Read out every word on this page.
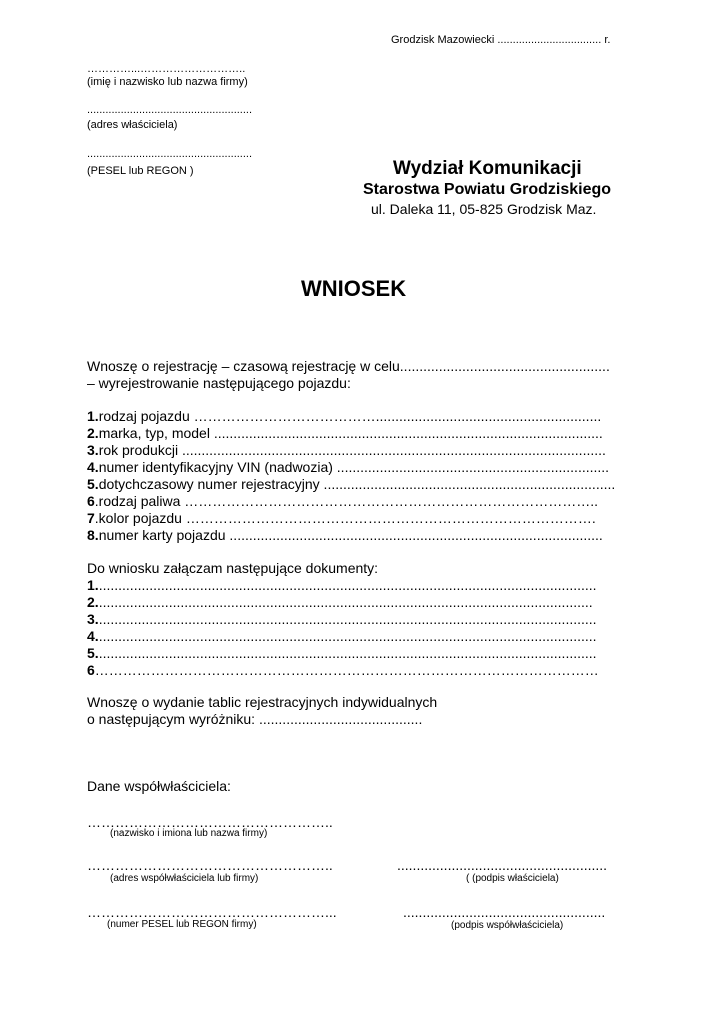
Grodzisk Mazowiecki .................................. r.
…………...………………………..
(imię i nazwisko lub nazwa firmy)
......................................................
(adres właściciela)
......................................................
(PESEL lub REGON )	Wydział Komunikacji
Starostwa Powiatu Grodziskiego
ul. Daleka 11, 05-825 Grodzisk Maz.
WNIOSEK
Wnoszę o rejestrację – czasową rejestrację w celu......................................................
– wyrejestrowanie następującego pojazdu:
1. rodzaj pojazdu …………………………………..........................................................
2. marka, typ, model ....................................................................................................
3. rok produkcji .............................................................................................................
4. numer identyfikacyjny VIN (nadwozia) ......................................................................
5. dotychczasowy numer rejestracyjny ...........................................................................
6 .rodzaj paliwa ……………………………………………………………………………..
7 .kolor pojazdu …………………………………………………………………………….
8. numer karty pojazdu ................................................................................................
Do wniosku załączam następujące dokumenty:
1. ................................................................................................................................
2. ...............................................................................................................................
3. ................................................................................................................................
4. ................................................................................................................................
5. ................................................................................................................................
6 ………………………………………………………………………………………………
Wnoszę o wydanie tablic rejestracyjnych indywidualnych
o następującym wyróżniku: ..........................................
Dane współwłaściciela:
……………………………………………..
(nazwisko i imiona lub nazwa firmy)
……………………………………………..
(adres współwłaściciela lub firmy)
......................................................
( (podpis właściciela)
……………………………………………...
(numer PESEL lub REGON firmy)
....................................................
(podpis współwłaściciela)
